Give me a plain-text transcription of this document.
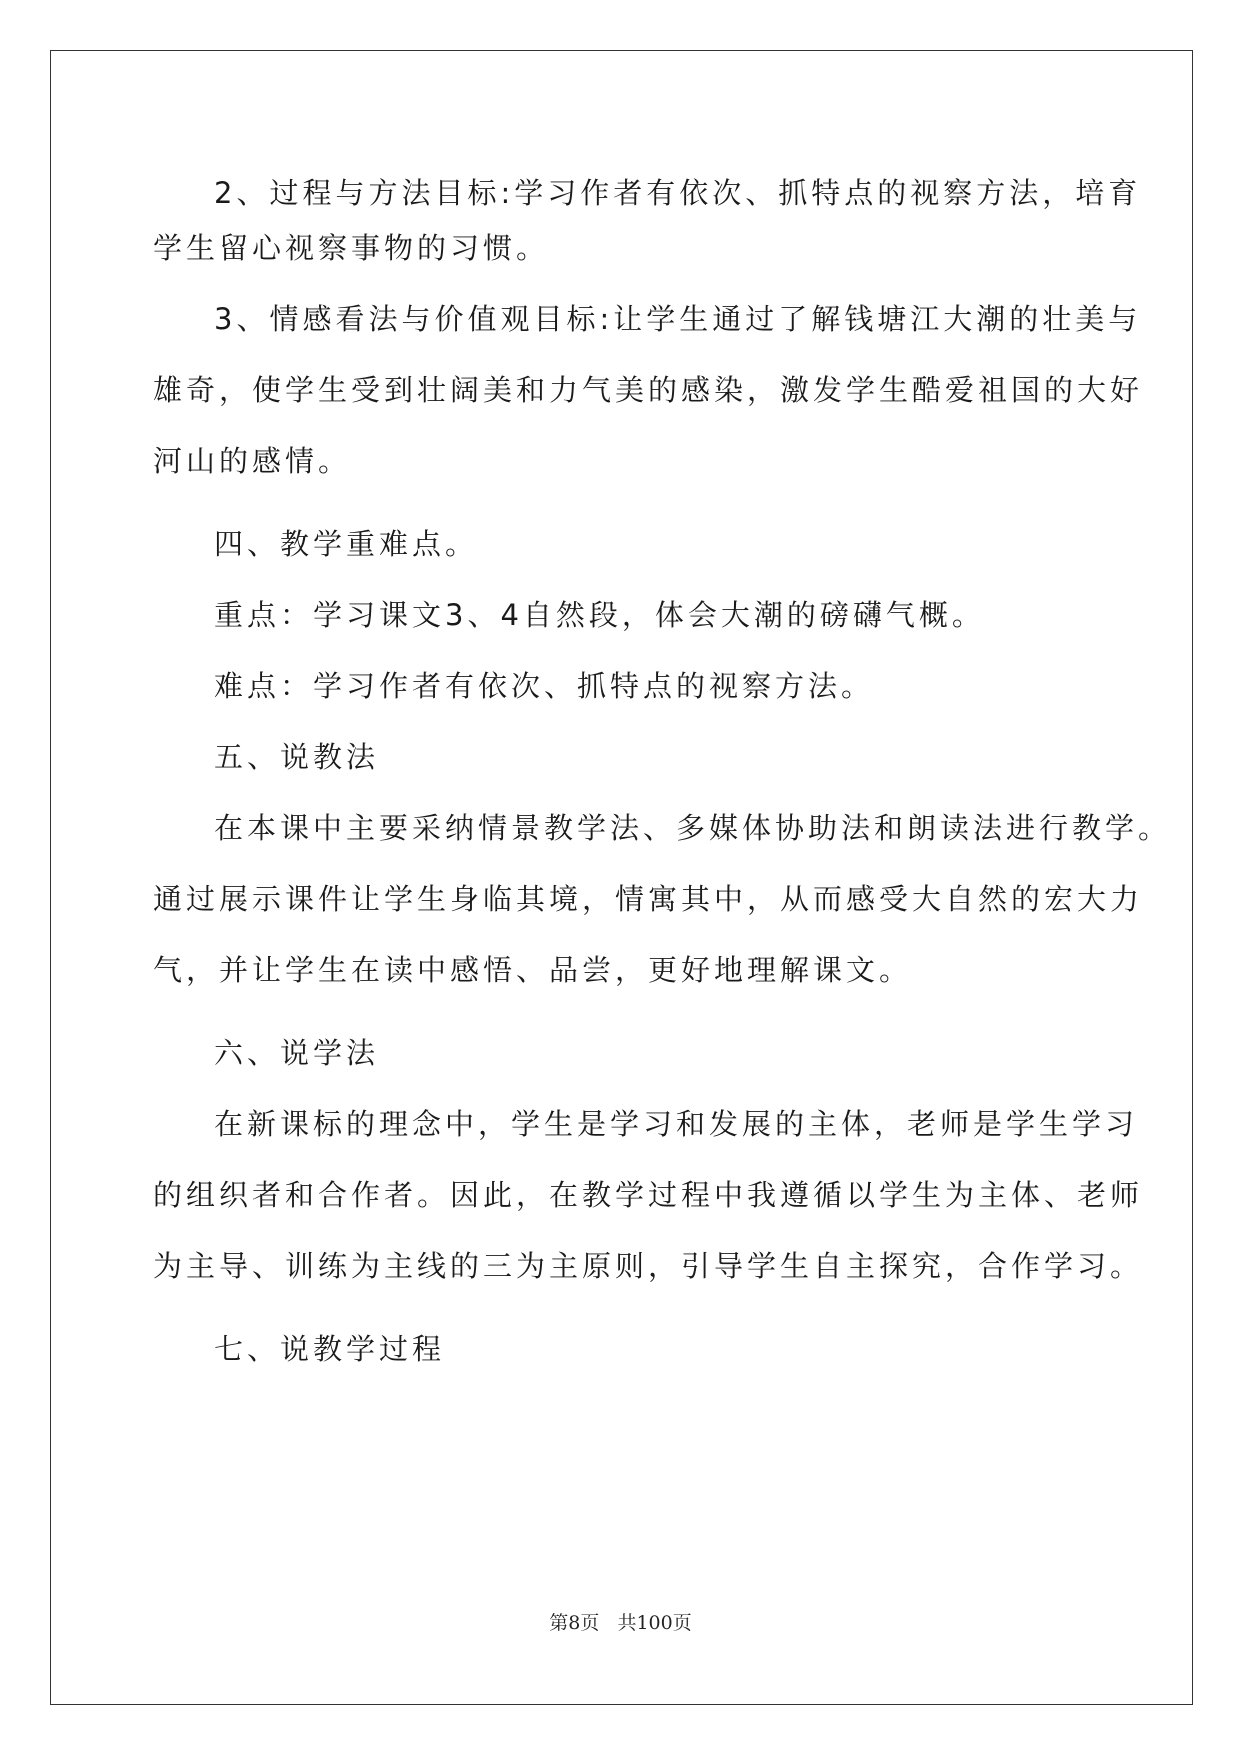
2、过程与方法目标:学习作者有依次、抓特点的视察方法，培育
学生留心视察事物的习惯。
3、情感看法与价值观目标:让学生通过了解钱塘江大潮的壮美与
雄奇，使学生受到壮阔美和力气美的感染，激发学生酷爱祖国的大好
河山的感情。
四、教学重难点。
重点：学习课文3、4自然段，体会大潮的磅礴气概。
难点：学习作者有依次、抓特点的视察方法。
五、说教法
在本课中主要采纳情景教学法、多媒体协助法和朗读法进行教学。
通过展示课件让学生身临其境，情寓其中，从而感受大自然的宏大力
气，并让学生在读中感悟、品尝，更好地理解课文。
六、说学法
在新课标的理念中，学生是学习和发展的主体，老师是学生学习
的组织者和合作者。因此，在教学过程中我遵循以学生为主体、老师
为主导、训练为主线的三为主原则，引导学生自主探究，合作学习。
七、说教学过程
第8页   共100页
